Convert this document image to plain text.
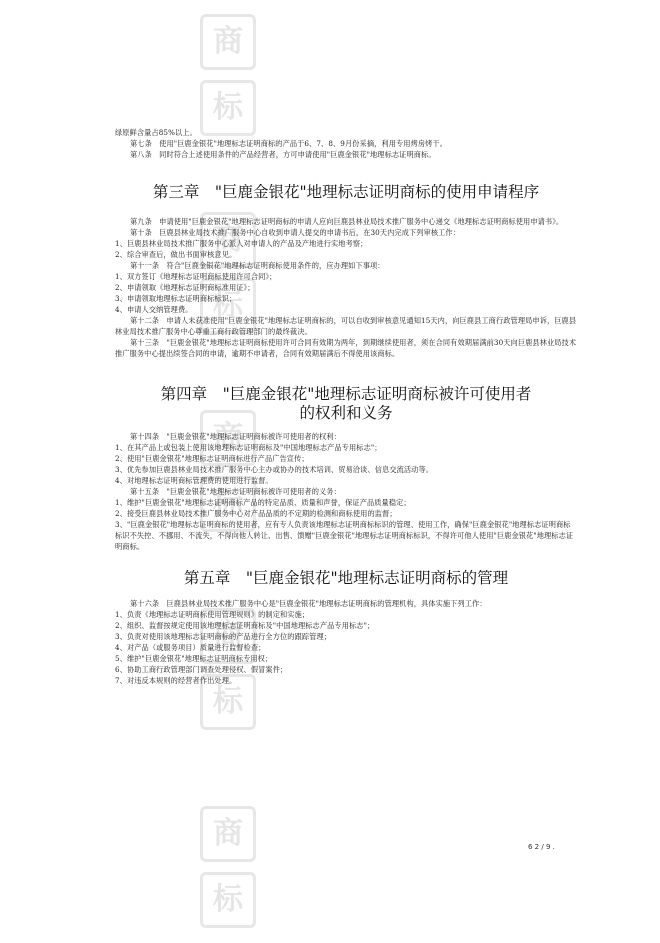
商
标
商
标
商
标
商
标
商
标

绿原鲜含量占85%以上。

第七条　使用"巨鹿金银花"地理标志证明商标的产品于6、7、8、9月份采摘，利用专用烤房烤干。

第八条　同时符合上述使用条件的产品经营者，方可申请使用"巨鹿金银花"地理标志证明商标。

第三章　"巨鹿金银花"地理标志证明商标的使用申请程序

第九条　申请使用"巨鹿金银花"地理标志证明商标的申请人应向巨鹿县林业局技术推广服务中心递交《地理标志证明商标使用申请书》。

第十条　巨鹿县林业局技术推广服务中心自收到申请人提交的申请书后，在30天内完成下列审核工作：

1、巨鹿县林业局技术推广服务中心派人对申请人的产品及产地进行实地考察；

2、综合审查后，做出书面审核意见。

第十一条　符合"巨鹿金银花"地理标志证明商标使用条件的，应办理如下事项：

1、双方签订《地理标志证明商标使用许可合同》；

2、申请领取《地理标志证明商标准用证》；

3、申请领取地理标志证明商标标识；

4、申请人交纳管理费。

第十二条　申请人未获准使用"巨鹿金银花"地理标志证明商标的，可以自收到审核意见通知15天内，向巨鹿县工商行政管理局申诉，巨鹿县林业局技术推广服务中心尊重工商行政管理部门的最终裁决。

第十三条　"巨鹿金银花"地理标志证明商标使用许可合同有效期为两年，到期继续使用者，须在合同有效期届满前30天向巨鹿县林业局技术推广服务中心提出续签合同的申请，逾期不申请者，合同有效期届满后不得使用该商标。

第四章　"巨鹿金银花"地理标志证明商标被许可使用者
的权利和义务

第十四条　"巨鹿金银花"地理标志证明商标被许可使用者的权利：

1、在其产品上或包装上使用该地理标志证明商标及"中国地理标志产品专用标志"；

2、使用"巨鹿金银花"地理标志证明商标进行产品广告宣传；

3、优先参加巨鹿县林业局技术推广服务中心主办或协办的技术培训、贸易洽谈、信息交流活动等。

4、对地理标志证明商标管理费的使用进行监督。

第十五条　"巨鹿金银花"地理标志证明商标被许可使用者的义务：

1、维护"巨鹿金银花"地理标志证明商标产品的特定品质、质量和声誉，保证产品质量稳定；

2、接受巨鹿县林业局技术推广服务中心对产品品质的不定期的检测和商标使用的监督；

3、"巨鹿金银花"地理标志证明商标的使用者，应有专人负责该地理标志证明商标标识的管理、使用工作，确保"巨鹿金银花"地理标志证明商标标识不失控、不挪用、不流失，不得向他人转让、出售、馈赠"巨鹿金银花"地理标志证明商标标识，不得许可他人使用"巨鹿金银花"地理标志证明商标。

第五章　"巨鹿金银花"地理标志证明商标的管理

第十六条　巨鹿县林业局技术推广服务中心是"巨鹿金银花"地理标志证明商标的管理机构，具体实施下列工作：

1、负责《地理标志证明商标使用管理规则》的制定和实施；

2、组织、监督按规定使用该地理标志证明商标及"中国地理标志产品专用标志"；

3、负责对使用该地理标志证明商标的产品进行全方位的跟踪管理；

4、对产品（或服务项目）质量进行监督检查；

5、维护"巨鹿金银花"地理标志证明商标专用权；

6、协助工商行政管理部门调查处理侵权、假冒案件；

7、对违反本规则的经营者作出处理。

6 2 / 9 .
